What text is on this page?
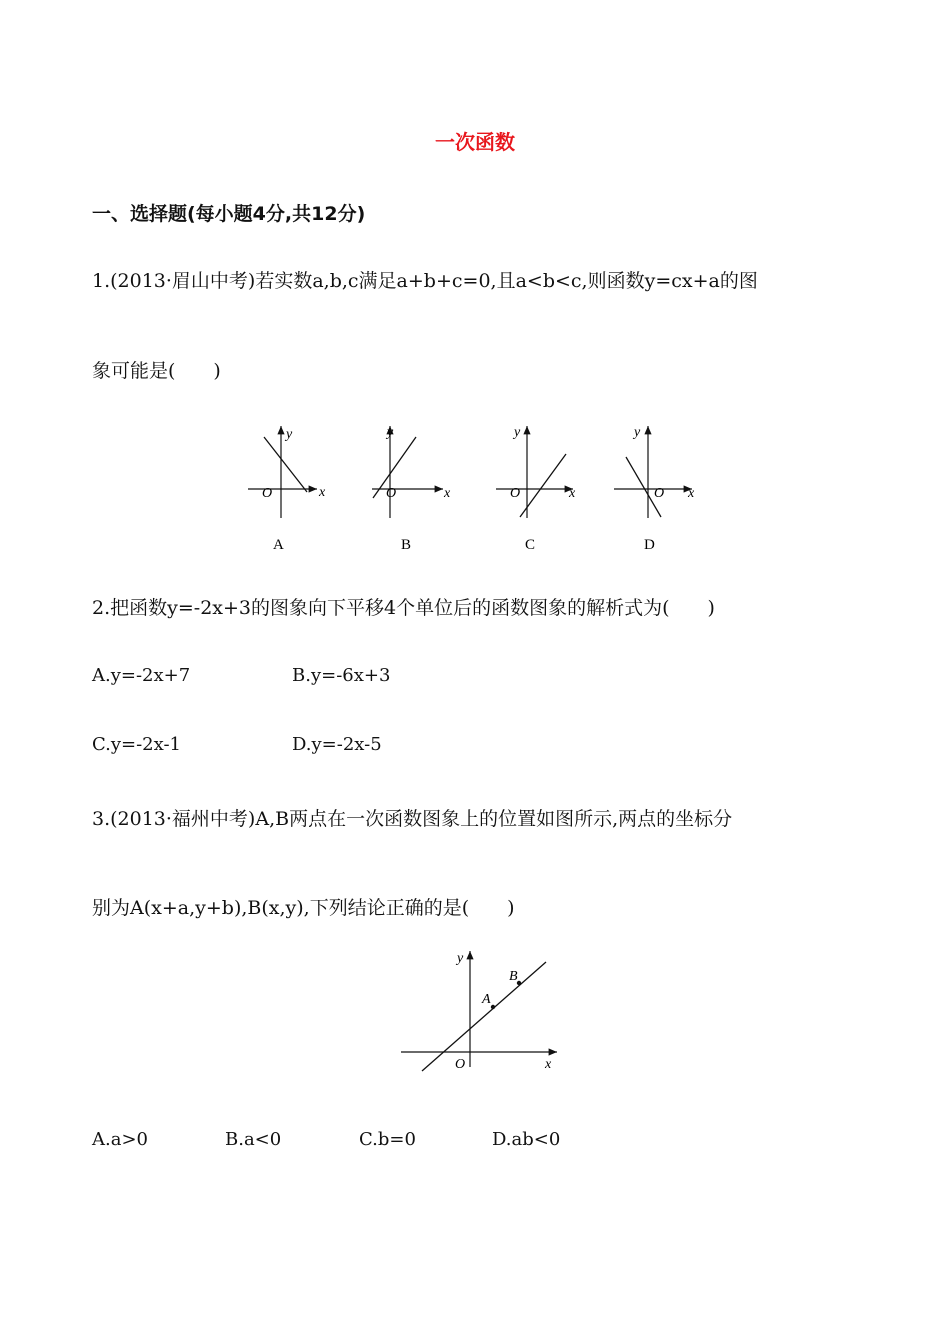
一次函数
一、选择题(每小题4分,共12分)
1.(2013·眉山中考)若实数a,b,c满足a+b+c=0,且a<b<c,则函数y=cx+a的图
象可能是(　　)
y
x
O
A
y
x
O
B
y
x
O
C
y
x
O
D
2.把函数y=-2x+3的图象向下平移4个单位后的函数图象的解析式为(　　)
A.y=-2x+7	B.y=-6x+3
C.y=-2x-1	D.y=-2x-5
3.(2013·福州中考)A,B两点在一次函数图象上的位置如图所示,两点的坐标分
别为A(x+a,y+b),B(x,y),下列结论正确的是(　　)
A
B
y
x
O
A.a>0	B.a<0	C.b=0	D.ab<0
